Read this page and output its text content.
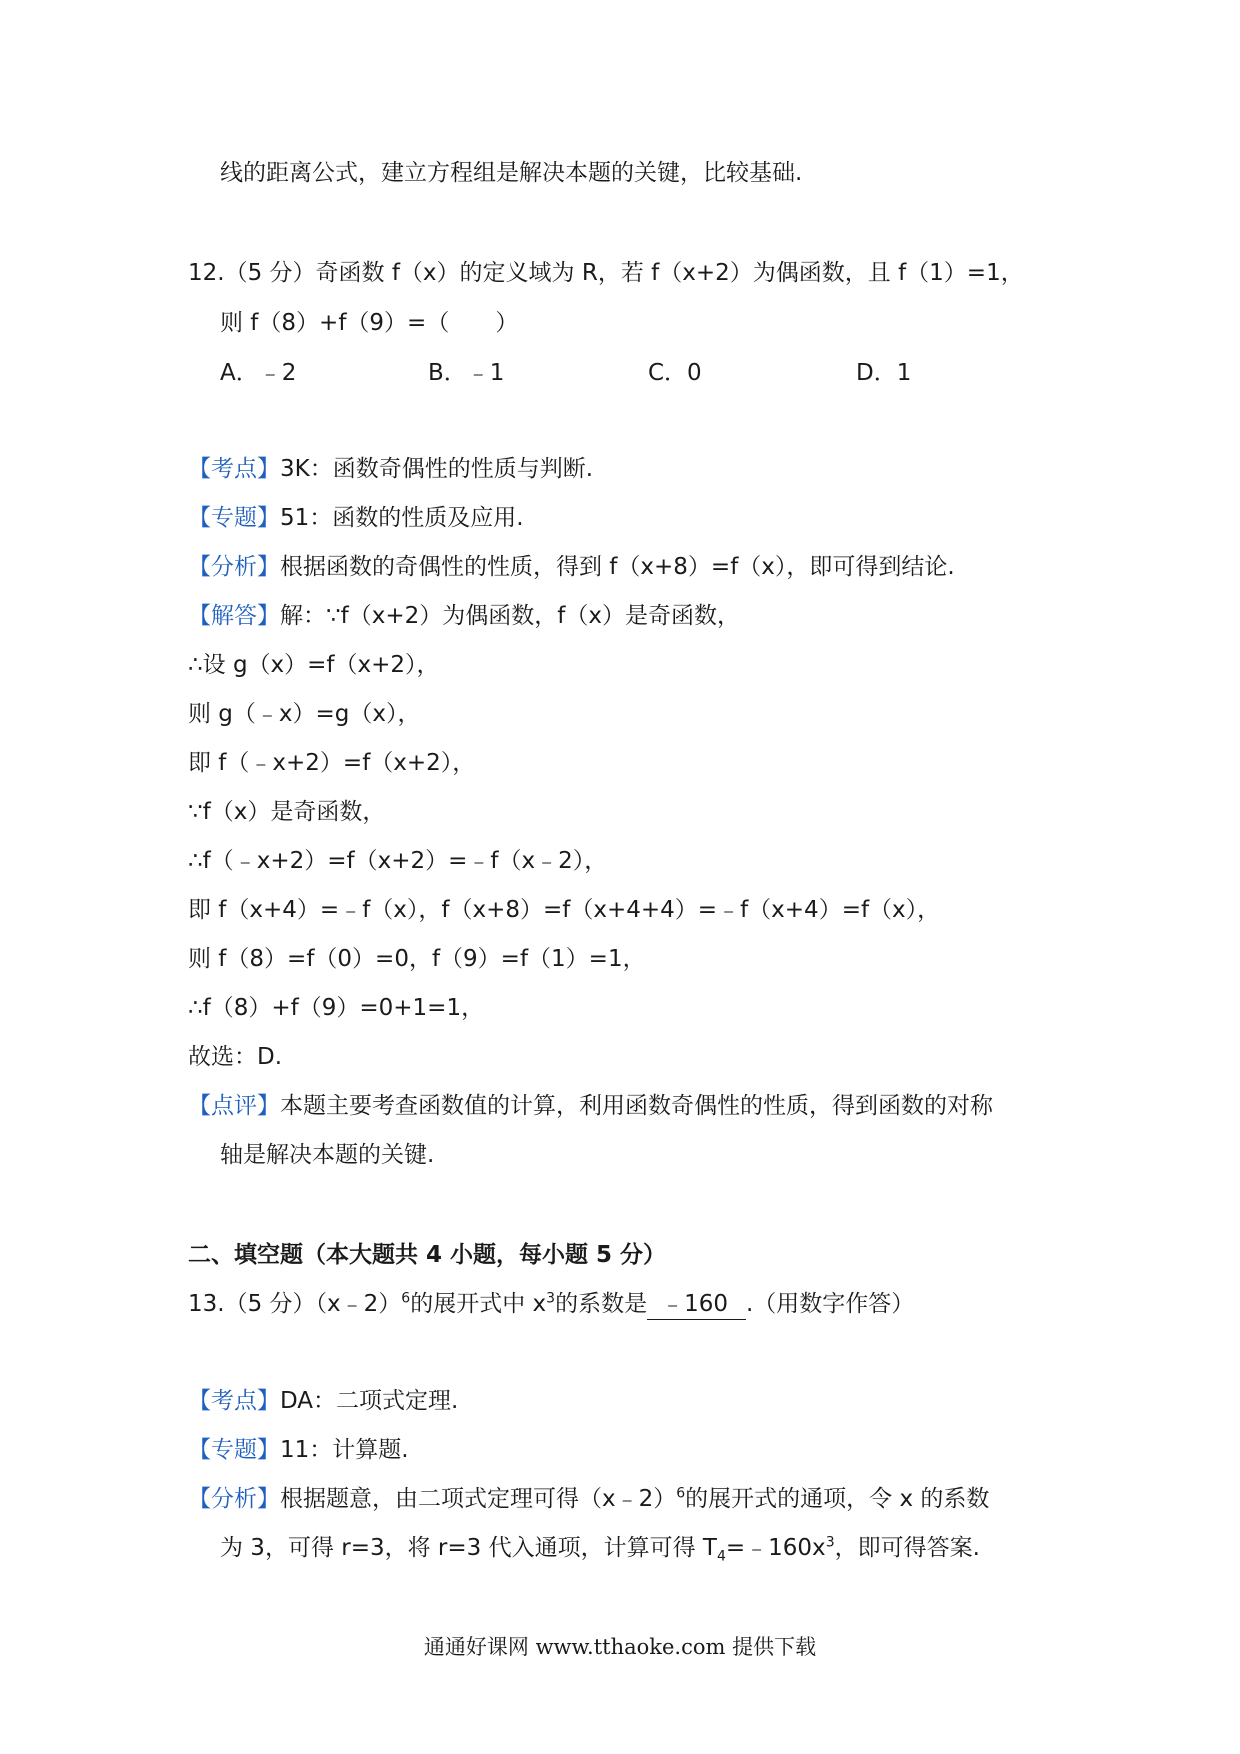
线的距离公式，建立方程组是解决本题的关键，比较基础.
12.（5 分）奇函数 f（x）的定义域为 R，若 f（x+2）为偶函数，且 f（1）=1，
则 f（8）+f（9）=（　　）
A．﹣2	B．﹣1	C．0	D．1
【考点】3K：函数奇偶性的性质与判断.
【专题】51：函数的性质及应用.
【分析】根据函数的奇偶性的性质，得到 f（x+8）=f（x），即可得到结论.
【解答】解：∵f（x+2）为偶函数，f（x）是奇函数，
∴设 g（x）=f（x+2），
则 g（﹣x）=g（x），
即 f（﹣x+2）=f（x+2），
∵f（x）是奇函数，
∴f（﹣x+2）=f（x+2）=﹣f（x﹣2），
即 f（x+4）=﹣f（x），f（x+8）=f（x+4+4）=﹣f（x+4）=f（x），
则 f（8）=f（0）=0，f（9）=f（1）=1，
∴f（8）+f（9）=0+1=1，
故选：D.
【点评】本题主要考查函数值的计算，利用函数奇偶性的性质，得到函数的对称
轴是解决本题的关键.
二、填空题（本大题共 4 小题，每小题 5 分）
13.（5 分）（x﹣2）$^6$的展开式中 $x^3$的系数是 ﹣160 .（用数字作答）
【考点】DA：二项式定理.
【专题】11：计算题.
【分析】根据题意，由二项式定理可得（x﹣2）$^6$的展开式的通项，令 x 的系数
为 3，可得 r=3，将 r=3 代入通项，计算可得 $T_4=﹣160x^3$，即可得答案.
通通好课网 www.tthaoke.com 提供下载
